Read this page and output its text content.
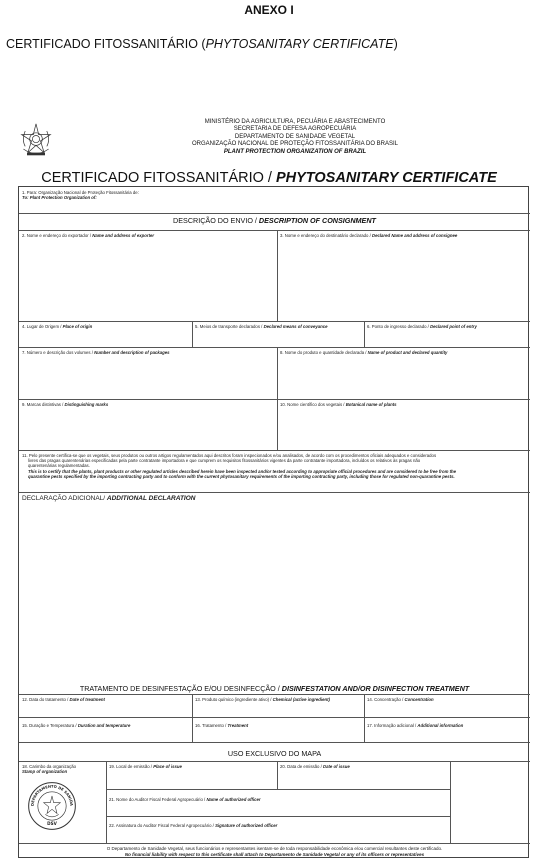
ANEXO I
CERTIFICADO FITOSSANITÁRIO (PHYTOSANITARY CERTIFICATE)
MINISTÉRIO DA AGRICULTURA, PECUÁRIA E ABASTECIMENTO
SECRETARIA DE DEFESA AGROPECUÁRIA
DEPARTAMENTO DE SANIDADE VEGETAL
ORGANIZAÇÃO NACIONAL DE PROTEÇÃO FITOSSANITÁRIA DO BRASIL
PLANT PROTECTION ORGANIZATION OF BRAZIL
CERTIFICADO FITOSSANITÁRIO / PHYTOSANITARY CERTIFICATE
1. Para: Organização Nacional de Proteção Fitossanitária de:
To: Plant Protection Organization of:
DESCRIÇÃO DO ENVIO / DESCRIPTION OF CONSIGNMENT
2. Nome e endereço do exportador / Name and address of exporter	3. Nome e endereço do destinatário declarado / Declared Name and address of consignee
4. Lugar de Origem / Place of origin	5. Meios de transporte declarados / Declared means of conveyance	6. Ponto de ingresso declarado / Declared point of entry
7. Número e descrição dos volumes / Number and description of packages	8. Nome do produto e quantidade declarada / Name of product and declared quantity
9. Marcas distintivas / Distinguishing marks	10. Nome científico dos vegetais / Botanical name of plants
11. Pelo presente certifica-se que os vegetais, seus produtos ou outros artigos regulamentados aqui descritos foram inspecionados e/ou analisados, de acordo com os procedimentos oficiais adequados e considerados
livres das pragas quarentenárias especificadas pela parte contratante importadora e que cumprem os requisitos fitossanitários vigentes da parte contratante importadora, incluídos os relativos às pragas não
quarentenárias regulamentadas.
This is to certify that the plants, plant products or other regulated articles described herein have been inspected and/or tested according to appropriate official procedures and are considered to be free from the
quarantine pests specified by the importing contracting party and to conform with the current phytosanitary requirements of the importing contracting party, including those for regulated non-quarantine pests.
DECLARAÇÃO ADICIONAL/ ADDITIONAL DECLARATION
TRATAMENTO DE DESINFESTAÇÃO E/OU DESINFECÇÃO / DISINFESTATION AND/OR DISINFECTION TREATMENT
12. Data do tratamento / Date of treatment	13. Produto químico (ingrediente ativo) / Chemical (active ingredient)	14. Concentração / Concentration
15. Duração e Temperatura / Duration and temperature	16. Tratamento / Treatment	17. Informação adicional / Additional information
USO EXCLUSIVO DO MAPA
18. Carimbo da organização
Stamp of organization
19. Local de emissão / Place of issue	20. Data de emissão / Date of issue
21. Nome do Auditor Fiscal Federal Agropecuário / Name of authorized officer
22. Assinatura do Auditor Fiscal Federal Agropecuário / Signature of authorized officer
DEPARTAMENTO DE SANIDA
DSV
O Departamento de Sanidade Vegetal, seus funcionários e representantes isentam-se de toda responsabilidade econômica e/ou comercial resultantes deste certificado.
No financial liability with respect to this certificate shall attach to Departamento de Sanidade Vegetal or any of its officers or representatives
